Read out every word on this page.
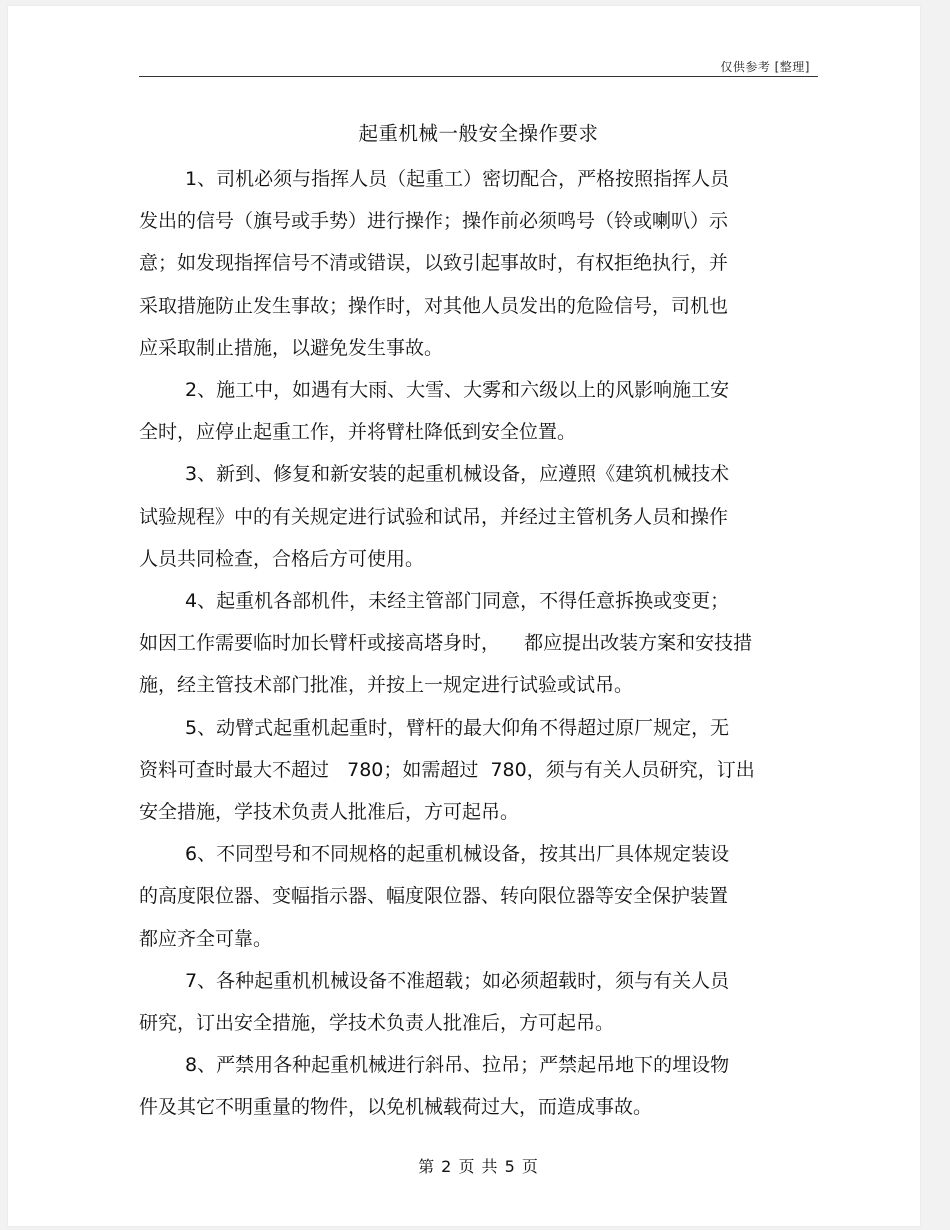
仅供参考 [整理]
起重机械一般安全操作要求

1、司机必须与指挥人员（起重工）密切配合，严格按照指挥人员
发出的信号（旗号或手势）进行操作；操作前必须鸣号（铃或喇叭）示
意；如发现指挥信号不清或错误，以致引起事故时，有权拒绝执行，并
采取措施防止发生事故；操作时，对其他人员发出的危险信号，司机也
应采取制止措施，以避免发生事故。

2、施工中，如遇有大雨、大雪、大雾和六级以上的风影响施工安
全时，应停止起重工作，并将臂杜降低到安全位置。

3、新到、修复和新安装的起重机械设备，应遵照《建筑机械技术
试验规程》中的有关规定进行试验和试吊，并经过主管机务人员和操作
人员共同检查，合格后方可使用。

4、起重机各部机件，未经主管部门同意，不得任意拆换或变更；
如因工作需要临时加长臂杆或接高塔身时，    都应提出改装方案和安技措
施，经主管技术部门批准，并按上一规定进行试验或试吊。

5、动臂式起重机起重时，臂杆的最大仰角不得超过原厂规定，无
资料可查时最大不超过   780；如需超过  780，须与有关人员研究，订出
安全措施，学技术负责人批准后，方可起吊。

6、不同型号和不同规格的起重机械设备，按其出厂具体规定装设
的高度限位器、变幅指示器、幅度限位器、转向限位器等安全保护装置
都应齐全可靠。

7、各种起重机机械设备不准超载；如必须超载时，须与有关人员
研究，订出安全措施，学技术负责人批准后，方可起吊。

8、严禁用各种起重机械进行斜吊、拉吊；严禁起吊地下的埋设物
件及其它不明重量的物件，以免机械载荷过大，而造成事故。

第 2 页 共 5 页
